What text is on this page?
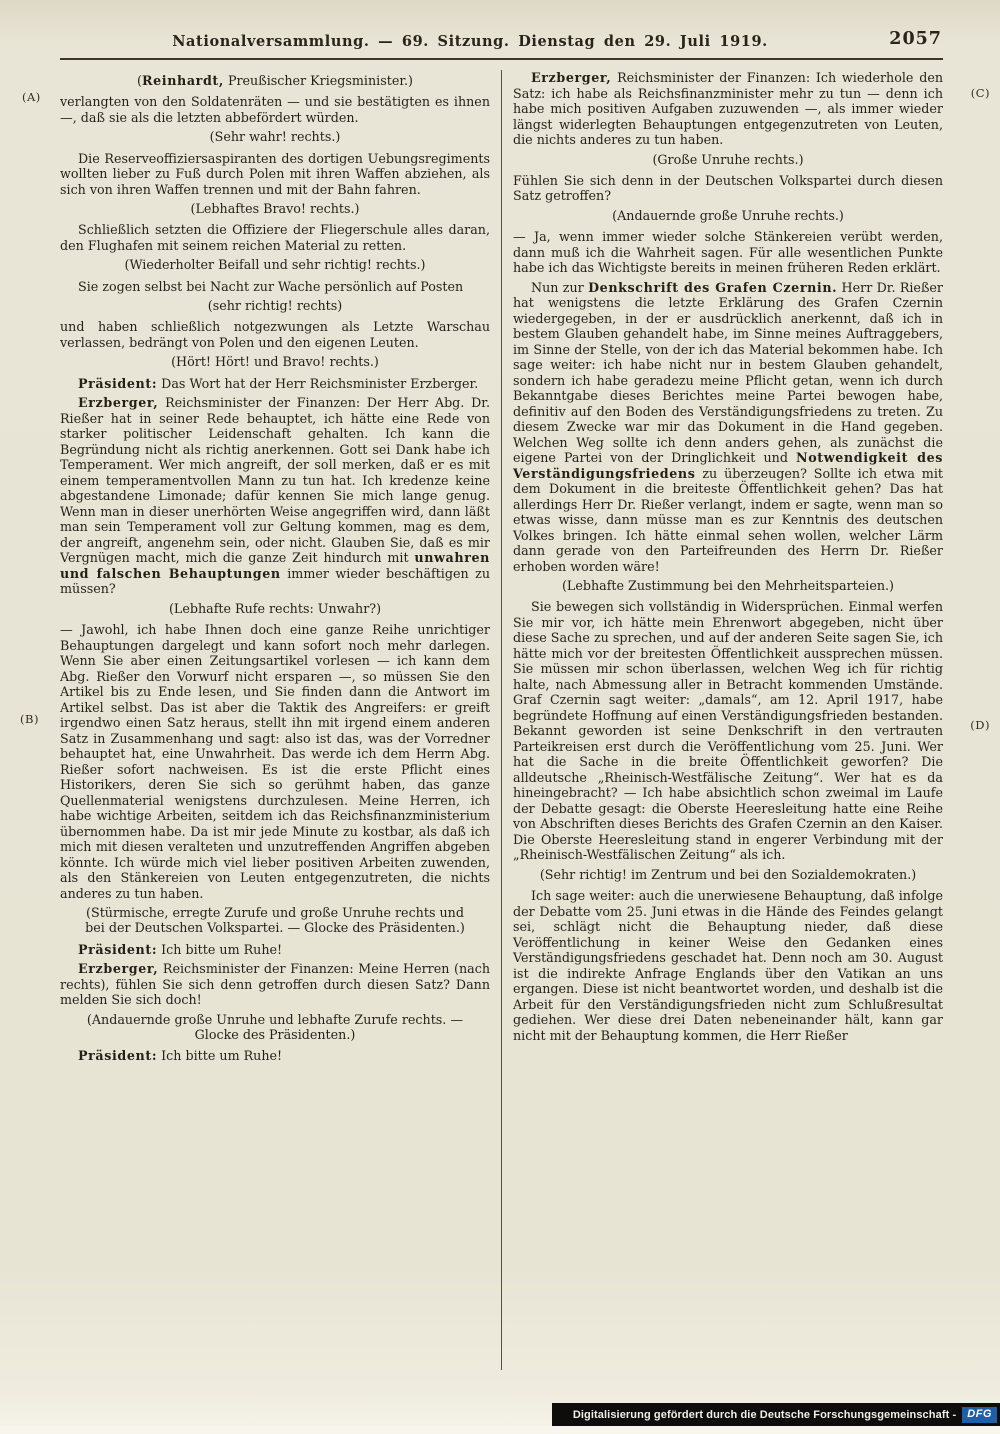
Nationalversammlung. — 69. Sitzung. Dienstag den 29. Juli 1919.	2057
(A)
(B)
(C)
(D)
(Reinhardt, Preußischer Kriegsminister.)

verlangten von den Soldatenräten — und sie bestätigten es ihnen —, daß sie als die letzten abbefördert würden.

(Sehr wahr! rechts.)

Die Reserveoffiziersaspiranten des dortigen Uebungsregiments wollten lieber zu Fuß durch Polen mit ihren Waffen abziehen, als sich von ihren Waffen trennen und mit der Bahn fahren.

(Lebhaftes Bravo! rechts.)

Schließlich setzten die Offiziere der Fliegerschule alles daran, den Flughafen mit seinem reichen Material zu retten.

(Wiederholter Beifall und sehr richtig! rechts.)

Sie zogen selbst bei Nacht zur Wache persönlich auf Posten

(sehr richtig! rechts)

und haben schließlich notgezwungen als Letzte Warschau verlassen, bedrängt von Polen und den eigenen Leuten.

(Hört! Hört! und Bravo! rechts.)

Präsident: Das Wort hat der Herr Reichsminister Erzberger.

Erzberger, Reichsminister der Finanzen: Der Herr Abg. Dr. Rießer hat in seiner Rede behauptet, ich hätte eine Rede von starker politischer Leidenschaft gehalten. Ich kann die Begründung nicht als richtig anerkennen. Gott sei Dank habe ich Temperament. Wer mich angreift, der soll merken, daß er es mit einem temperamentvollen Mann zu tun hat. Ich kredenze keine abgestandene Limonade; dafür kennen Sie mich lange genug. Wenn man in dieser unerhörten Weise angegriffen wird, dann läßt man sein Temperament voll zur Geltung kommen, mag es dem, der angreift, angenehm sein, oder nicht. Glauben Sie, daß es mir Vergnügen macht, mich die ganze Zeit hindurch mit unwahren und falschen Behauptungen immer wieder beschäftigen zu müssen?

(Lebhafte Rufe rechts: Unwahr?)

— Jawohl, ich habe Ihnen doch eine ganze Reihe unrichtiger Behauptungen dargelegt und kann sofort noch mehr darlegen. Wenn Sie aber einen Zeitungsartikel vorlesen — ich kann dem Abg. Rießer den Vorwurf nicht ersparen —, so müssen Sie den Artikel bis zu Ende lesen, und Sie finden dann die Antwort im Artikel selbst. Das ist aber die Taktik des Angreifers: er greift irgendwo einen Satz heraus, stellt ihn mit irgend einem anderen Satz in Zusammenhang und sagt: also ist das, was der Vorredner behauptet hat, eine Unwahrheit. Das werde ich dem Herrn Abg. Rießer sofort nachweisen. Es ist die erste Pflicht eines Historikers, deren Sie sich so gerühmt haben, das ganze Quellenmaterial wenigstens durchzulesen. Meine Herren, ich habe wichtige Arbeiten, seitdem ich das Reichsfinanzministerium übernommen habe. Da ist mir jede Minute zu kostbar, als daß ich mich mit diesen veralteten und unzutreffenden Angriffen abgeben könnte. Ich würde mich viel lieber positiven Arbeiten zuwenden, als den Stänkereien von Leuten entgegenzutreten, die nichts anderes zu tun haben.

(Stürmische, erregte Zurufe und große Unruhe rechts und bei der Deutschen Volkspartei. — Glocke des Präsidenten.)

Präsident: Ich bitte um Ruhe!

Erzberger, Reichsminister der Finanzen: Meine Herren (nach rechts), fühlen Sie sich denn getroffen durch diesen Satz? Dann melden Sie sich doch!

(Andauernde große Unruhe und lebhafte Zurufe rechts. — Glocke des Präsidenten.)

Präsident: Ich bitte um Ruhe!

Erzberger, Reichsminister der Finanzen: Ich wiederhole den Satz: ich habe als Reichsfinanzminister mehr zu tun — denn ich habe mich positiven Aufgaben zuzuwenden —, als immer wieder längst widerlegten Behauptungen entgegenzutreten von Leuten, die nichts anderes zu tun haben.

(Große Unruhe rechts.)

Fühlen Sie sich denn in der Deutschen Volkspartei durch diesen Satz getroffen?

(Andauernde große Unruhe rechts.)

— Ja, wenn immer wieder solche Stänkereien verübt werden, dann muß ich die Wahrheit sagen. Für alle wesentlichen Punkte habe ich das Wichtigste bereits in meinen früheren Reden erklärt.

Nun zur Denkschrift des Grafen Czernin. Herr Dr. Rießer hat wenigstens die letzte Erklärung des Grafen Czernin wiedergegeben, in der er ausdrücklich anerkennt, daß ich in bestem Glauben gehandelt habe, im Sinne meines Auftraggebers, im Sinne der Stelle, von der ich das Material bekommen habe. Ich sage weiter: ich habe nicht nur in bestem Glauben gehandelt, sondern ich habe geradezu meine Pflicht getan, wenn ich durch Bekanntgabe dieses Berichtes meine Partei bewogen habe, definitiv auf den Boden des Verständigungsfriedens zu treten. Zu diesem Zwecke war mir das Dokument in die Hand gegeben. Welchen Weg sollte ich denn anders gehen, als zunächst die eigene Partei von der Dringlichkeit und Notwendigkeit des Verständigungsfriedens zu überzeugen? Sollte ich etwa mit dem Dokument in die breiteste Öffentlichkeit gehen? Das hat allerdings Herr Dr. Rießer verlangt, indem er sagte, wenn man so etwas wisse, dann müsse man es zur Kenntnis des deutschen Volkes bringen. Ich hätte einmal sehen wollen, welcher Lärm dann gerade von den Parteifreunden des Herrn Dr. Rießer erhoben worden wäre!

(Lebhafte Zustimmung bei den Mehrheitsparteien.)

Sie bewegen sich vollständig in Widersprüchen. Einmal werfen Sie mir vor, ich hätte mein Ehrenwort abgegeben, nicht über diese Sache zu sprechen, und auf der anderen Seite sagen Sie, ich hätte mich vor der breitesten Öffentlichkeit aussprechen müssen. Sie müssen mir schon überlassen, welchen Weg ich für richtig halte, nach Abmessung aller in Betracht kommenden Umstände. Graf Czernin sagt weiter: „damals“, am 12. April 1917, habe begründete Hoffnung auf einen Verständigungsfrieden bestanden. Bekannt geworden ist seine Denkschrift in den vertrauten Parteikreisen erst durch die Veröffentlichung vom 25. Juni. Wer hat die Sache in die breite Öffentlichkeit geworfen? Die alldeutsche „Rheinisch-Westfälische Zeitung“. Wer hat es da hineingebracht? — Ich habe absichtlich schon zweimal im Laufe der Debatte gesagt: die Oberste Heeresleitung hatte eine Reihe von Abschriften dieses Berichts des Grafen Czernin an den Kaiser. Die Oberste Heeresleitung stand in engerer Verbindung mit der „Rheinisch-Westfälischen Zeitung“ als ich.

(Sehr richtig! im Zentrum und bei den Sozialdemokraten.)

Ich sage weiter: auch die unerwiesene Behauptung, daß infolge der Debatte vom 25. Juni etwas in die Hände des Feindes gelangt sei, schlägt nicht die Behauptung nieder, daß diese Veröffentlichung in keiner Weise den Gedanken eines Verständigungsfriedens geschadet hat. Denn noch am 30. August ist die indirekte Anfrage Englands über den Vatikan an uns ergangen. Diese ist nicht beantwortet worden, und deshalb ist die Arbeit für den Verständigungsfrieden nicht zum Schlußresultat gediehen. Wer diese drei Daten nebeneinander hält, kann gar nicht mit der Behauptung kommen, die Herr Rießer

Digitalisierung gefördert durch die Deutsche Forschungsgemeinschaft -	DFG
